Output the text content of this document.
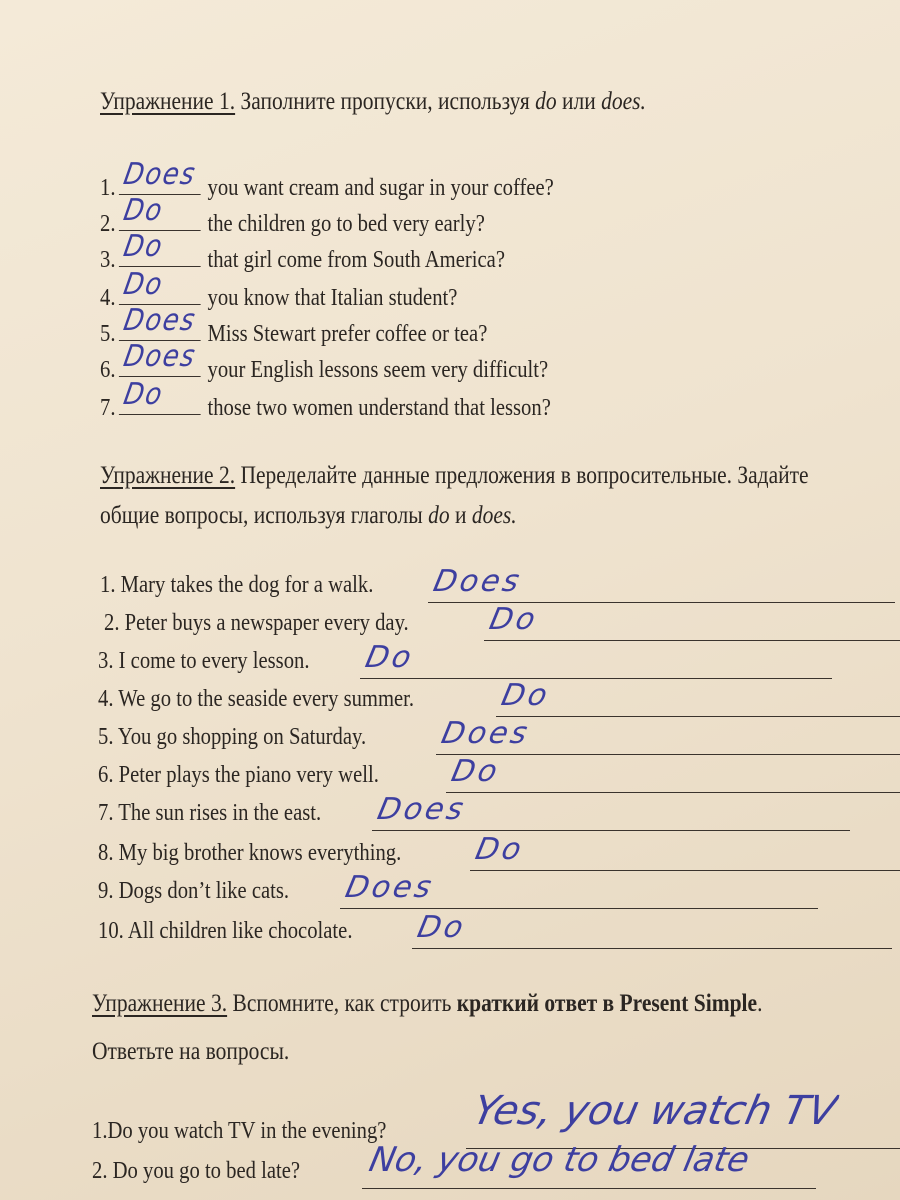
Упражнение 1. Заполните пропуски, используя do или does.
1. Does you want cream and sugar in your coffee?
2. Do the children go to bed very early?
3. Do that girl come from South America?
4. Do you know that Italian student?
5. Does Miss Stewart prefer coffee or tea?
6. Does your English lessons seem very difficult?
7. Do those two women understand that lesson?
Упражнение 2. Переделайте данные предложения в вопросительные. Задайте
общие вопросы, используя глаголы do и does.
1. Mary takes the dog for a walk. Does
2. Peter buys a newspaper every day.	Do
3. I come to every lesson. Do
4. We go to the seaside every summer.	Do
5. You go shopping on Saturday. Does
6. Peter plays the piano very well. Do
7. The sun rises in the east. Does
8. My big brother knows everything. Do
9. Dogs don’t like cats. Does
10. All children like chocolate. Do
Упражнение 3. Вспомните, как строить краткий ответ в Present Simple.
Ответьте на вопросы.
1.Do you watch TV in the evening? Yes, you watch TV
2. Do you go to bed late? No, you go to bed late
